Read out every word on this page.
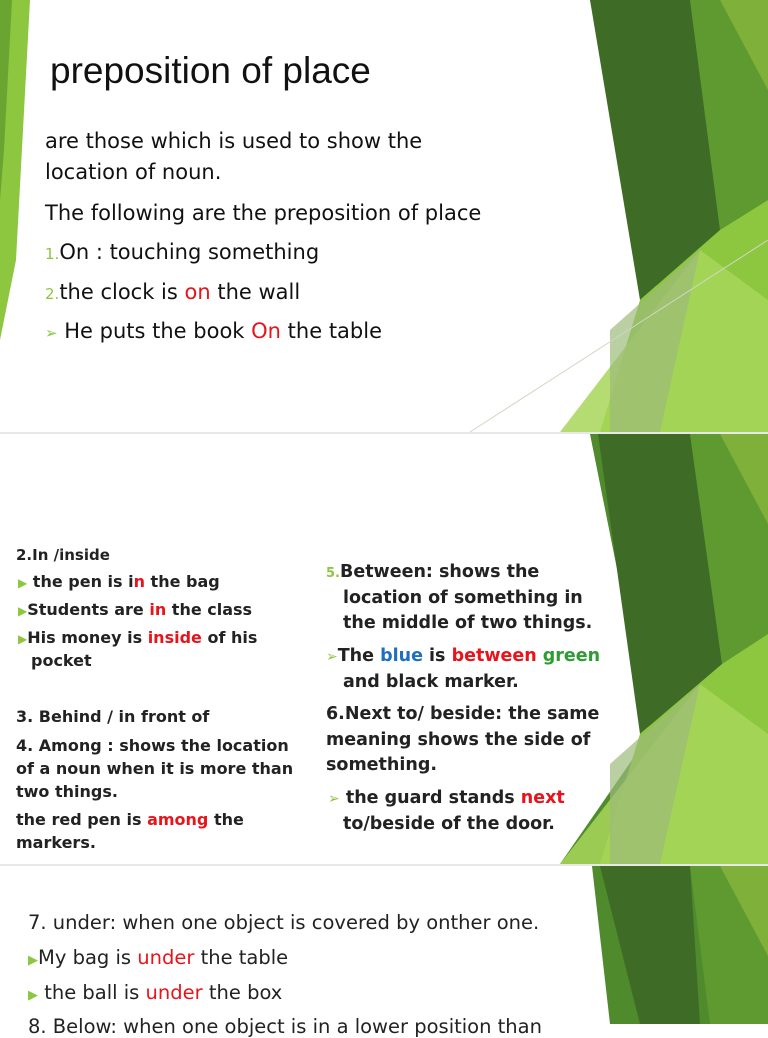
preposition of place
are those which is used to show the
location of noun.
The following are the preposition of place
1.On : touching something
2.the clock is on the wall
➢ He puts the book On the table
2.In /inside
▶ the pen is in the bag
▶Students are in the class
▶His money is inside of his
pocket
3. Behind / in front of
4. Among : shows the location
of a noun when it is more than
two things.
the red pen is among the
markers.
5.Between: shows the
location of something in
the middle of two things.
➢The blue is between green
and black marker.
6.Next to/ beside: the same
meaning shows the side of
something.
➢ the guard stands next
to/beside of the door.
7. under: when one object is covered by onther one.
▶My bag is under the table
▶ the ball is under the box
8. Below: when one object is in a lower position than
